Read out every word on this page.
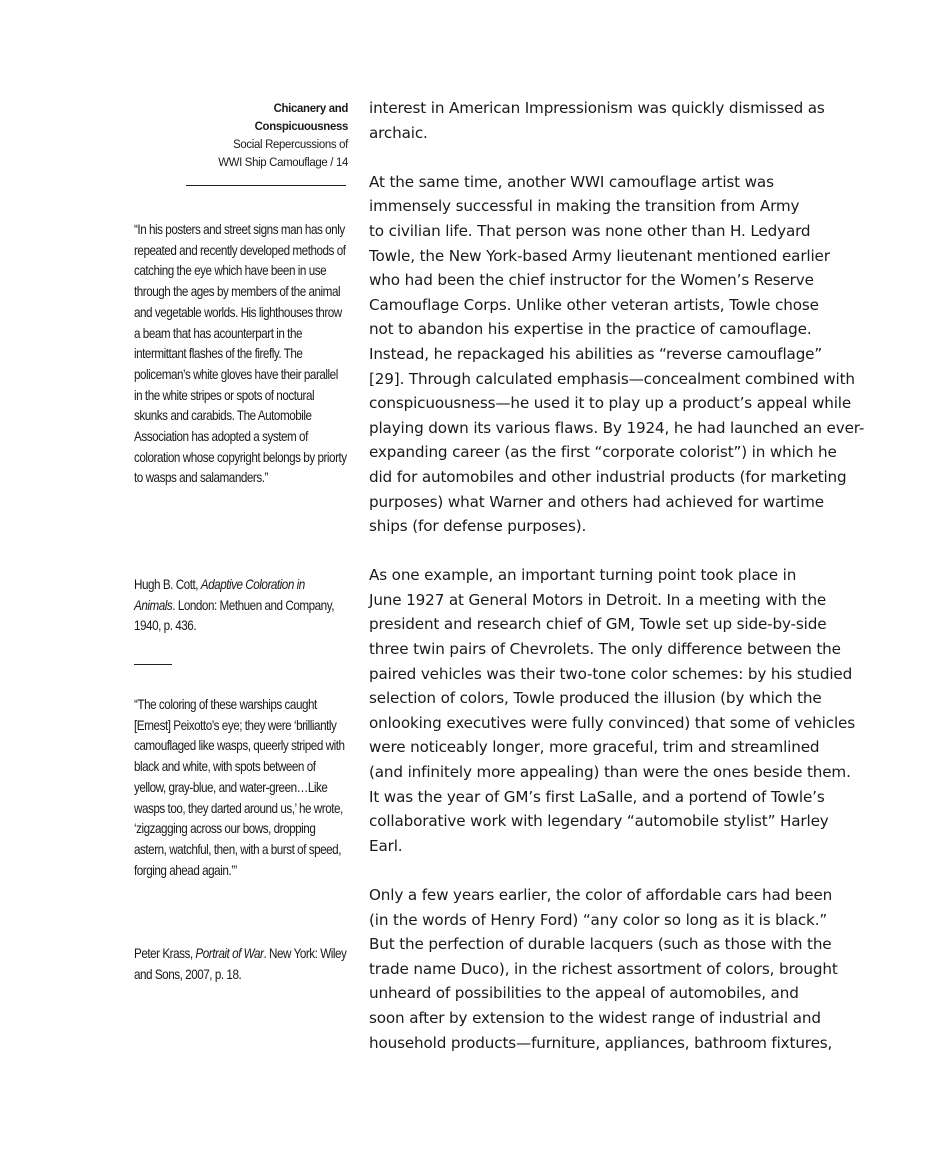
Chicanery and
Conspicuousness
Social Repercussions of
WWI Ship Camouflage / 14

“In his posters and street signs man has only repeated and recently developed methods of catching the eye which have been in use through the ages by members of the animal and vegetable worlds. His lighthouses throw a beam that has acounterpart in the intermittant flashes of the firefly. The policeman’s white gloves have their parallel in the white stripes or spots of noctural skunks and carabids. The Automobile Association has adopted a system of coloration whose copyright belongs by priorty to wasps and salamanders.”

Hugh B. Cott, Adaptive Coloration in Animals. London: Methuen and Company, 1940, p. 436.

“The coloring of these warships caught [Ernest] Peixotto’s eye; they were ‘brilliantly camouflaged like wasps, queerly striped with black and white, with spots between of yellow, gray-blue, and water-green…Like wasps too, they darted around us,’ he wrote, ‘zigzagging across our bows, dropping astern, watchful, then, with a burst of speed, forging ahead again.’”

Peter Krass, Portrait of War. New York: Wiley and Sons, 2007, p. 18.

interest in American Impressionism was quickly dismissed as
archaic.

At the same time, another WWI camouflage artist was
immensely successful in making the transition from Army
to civilian life. That person was none other than H. Ledyard
Towle, the New York-based Army lieutenant mentioned earlier
who had been the chief instructor for the Women’s Reserve
Camouflage Corps. Unlike other veteran artists, Towle chose
not to abandon his expertise in the practice of camouflage.
Instead, he repackaged his abilities as “reverse camouflage”
[29]. Through calculated emphasis—concealment combined with
conspicuousness—he used it to play up a product’s appeal while
playing down its various flaws. By 1924, he had launched an ever-
expanding career (as the first “corporate colorist”) in which he
did for automobiles and other industrial products (for marketing
purposes) what Warner and others had achieved for wartime
ships (for defense purposes).

As one example, an important turning point took place in
June 1927 at General Motors in Detroit. In a meeting with the
president and research chief of GM, Towle set up side-by-side
three twin pairs of Chevrolets. The only difference between the
paired vehicles was their two-tone color schemes: by his studied
selection of colors, Towle produced the illusion (by which the
onlooking executives were fully convinced) that some of vehicles
were noticeably longer, more graceful, trim and streamlined
(and infinitely more appealing) than were the ones beside them.
It was the year of GM’s first LaSalle, and a portend of Towle’s
collaborative work with legendary “automobile stylist” Harley
Earl.

Only a few years earlier, the color of affordable cars had been
(in the words of Henry Ford) “any color so long as it is black.”
But the perfection of durable lacquers (such as those with the
trade name Duco), in the richest assortment of colors, brought
unheard of possibilities to the appeal of automobiles, and
soon after by extension to the widest range of industrial and
household products—furniture, appliances, bathroom fixtures,
